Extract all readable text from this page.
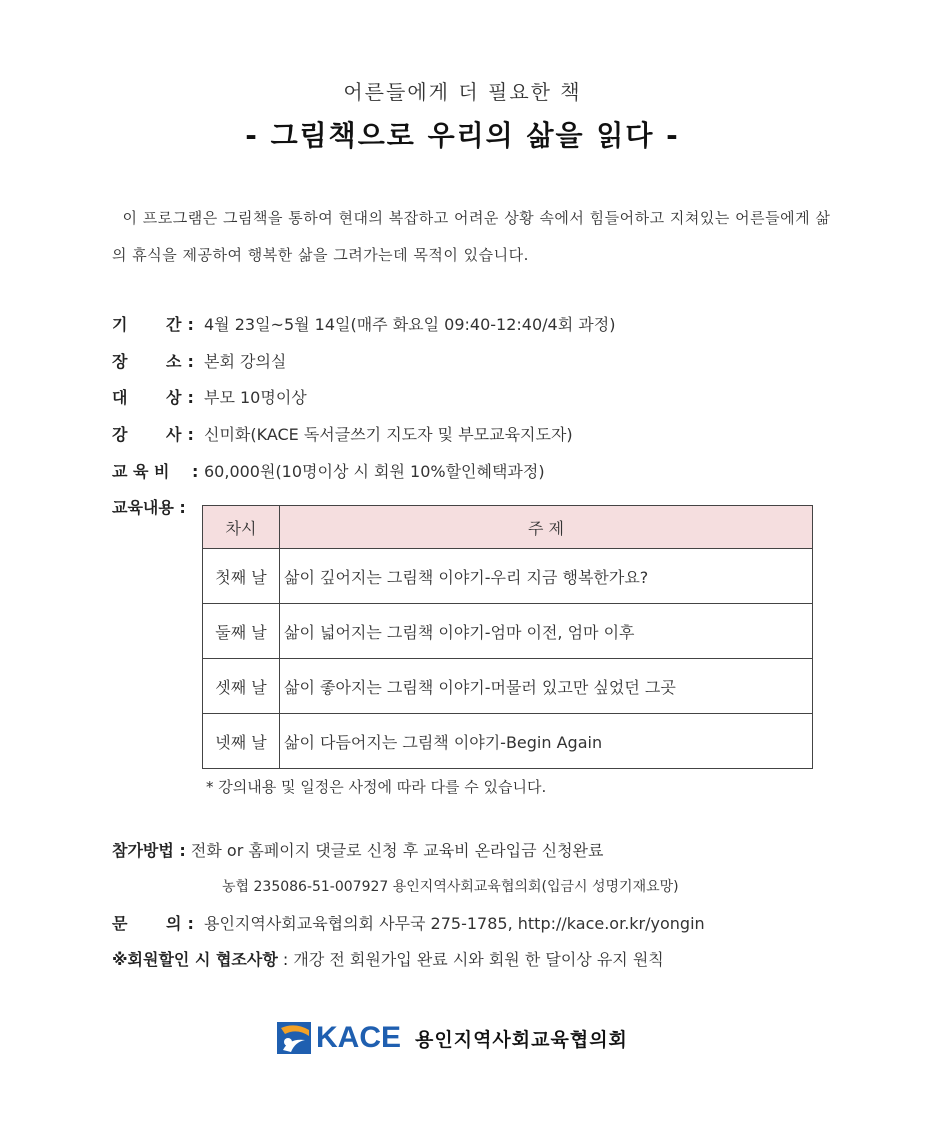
어른들에게 더 필요한 책
- 그림책으로 우리의 삶을 읽다 -
이 프로그램은 그림책을 통하여 현대의 복잡하고 어려운 상황 속에서 힘들어하고 지쳐있는 어른들에게 삶의 휴식을 제공하여 행복한 삶을 그려가는데 목적이 있습니다.
기 간 : 4월 23일~5월 14일(매주 화요일 09:40-12:40/4회 과정)
장 소 : 본회 강의실
대 상 : 부모 10명이상
강 사 : 신미화(KACE 독서글쓰기 지도자 및 부모교육지도자)
교 육 비 : 60,000원(10명이상 시 회원 10%할인혜택과정)
교육내용 :
차시	주 제
첫째 날	삶이 깊어지는 그림책 이야기-우리 지금 행복한가요?
둘째 날	삶이 넓어지는 그림책 이야기-엄마 이전, 엄마 이후
셋째 날	삶이 좋아지는 그림책 이야기-머물러 있고만 싶었던 그곳
넷째 날	삶이 다듬어지는 그림책 이야기-Begin Again
* 강의내용 및 일정은 사정에 따라 다를 수 있습니다.
참가방법 : 전화 or 홈페이지 댓글로 신청 후 교육비 온라입금 신청완료
농협 235086-51-007927 용인지역사회교육협의회(입금시 성명기재요망)
문 의 : 용인지역사회교육협의회 사무국 275-1785, http://kace.or.kr/yongin
※회원할인 시 협조사항 : 개강 전 회원가입 완료 시와 회원 한 달이상 유지 원칙
KACE 용인지역사회교육협의회
